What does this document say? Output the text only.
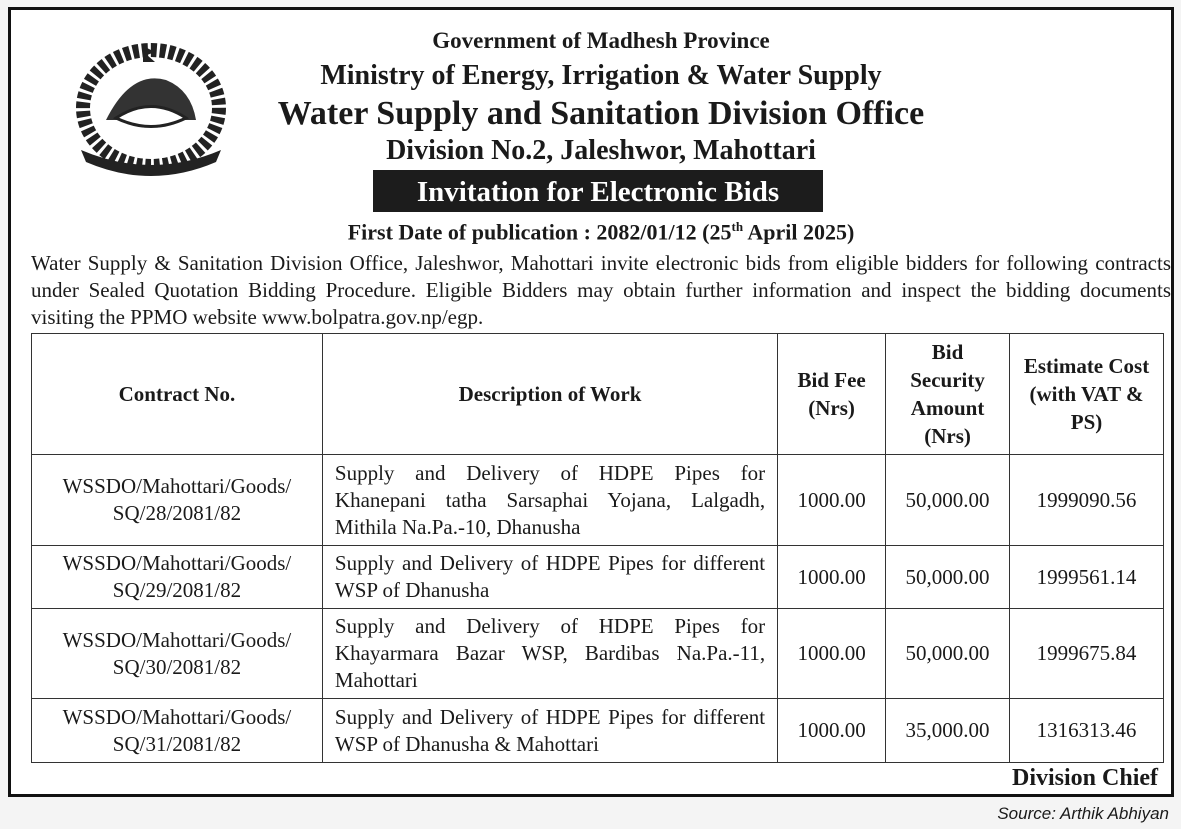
Government of Madhesh Province
Ministry of Energy, Irrigation & Water Supply
Water Supply and Sanitation Division Office
Division No.2, Jaleshwor, Mahottari
Invitation for Electronic Bids
First Date of publication : 2082/01/12 (25th April 2025)
Water Supply & Sanitation Division Office, Jaleshwor, Mahottari invite electronic bids from eligible bidders for following contracts under Sealed Quotation Bidding Procedure. Eligible Bidders may obtain further information and inspect the bidding documents visiting the PPMO website www.bolpatra.gov.np/egp.
Contract No.	Description of Work	Bid Fee (Nrs)	Bid Security Amount (Nrs)	Estimate Cost (with VAT & PS)
WSSDO/Mahottari/Goods/ SQ/28/2081/82	Supply and Delivery of HDPE Pipes for Khanepani tatha Sarsaphai Yojana, Lalgadh, Mithila Na.Pa.-10, Dhanusha	1000.00	50,000.00	1999090.56
WSSDO/Mahottari/Goods/ SQ/29/2081/82	Supply and Delivery of HDPE Pipes for different WSP of Dhanusha	1000.00	50,000.00	1999561.14
WSSDO/Mahottari/Goods/ SQ/30/2081/82	Supply and Delivery of HDPE Pipes for Khayarmara Bazar WSP, Bardibas Na.Pa.-11, Mahottari	1000.00	50,000.00	1999675.84
WSSDO/Mahottari/Goods/ SQ/31/2081/82	Supply and Delivery of HDPE Pipes for different WSP of Dhanusha & Mahottari	1000.00	35,000.00	1316313.46
Division Chief
Source: Arthik Abhiyan
